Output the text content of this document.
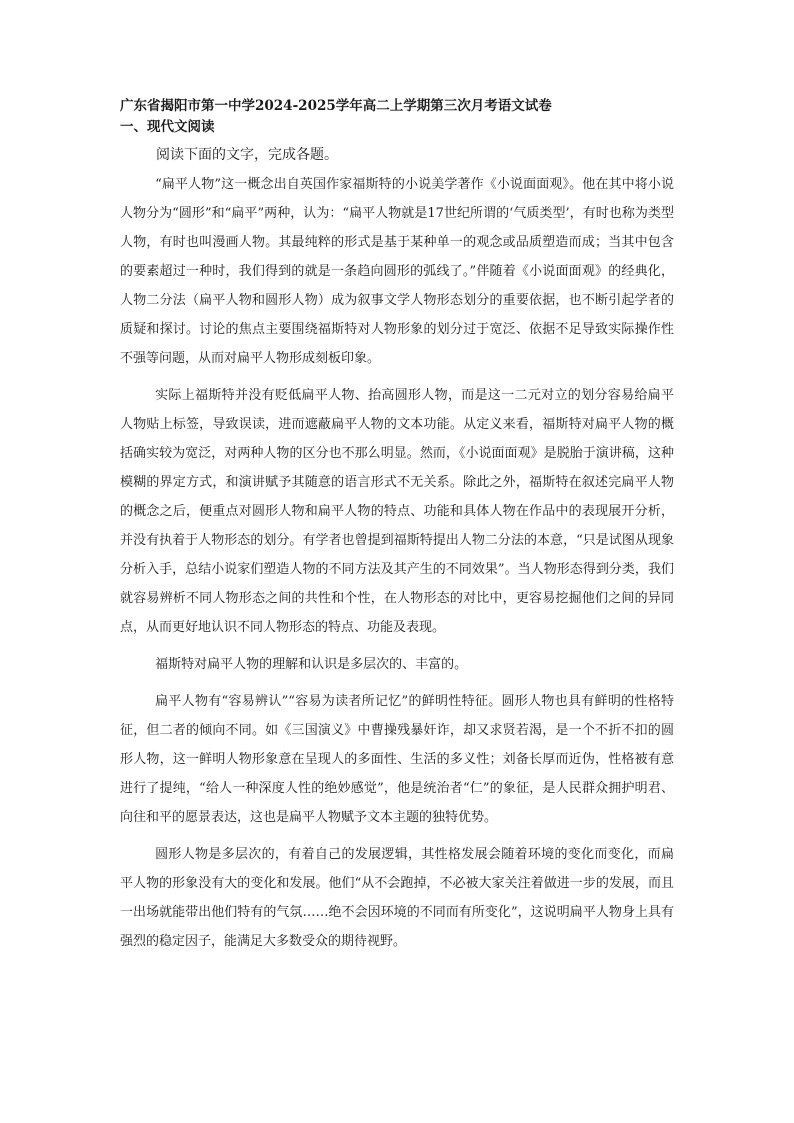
广东省揭阳市第一中学2024-2025学年高二上学期第三次月考语文试卷
一、现代文阅读
阅读下面的文字，完成各题。

“扁平人物”这一概念出自英国作家福斯特的小说美学著作《小说面面观》。他在其中将小说人物分为“圆形”和“扁平”两种，认为：“扁平人物就是17世纪所谓的‘气质类型’，有时也称为类型人物，有时也叫漫画人物。其最纯粹的形式是基于某种单一的观念或品质塑造而成；当其中包含的要素超过一种时，我们得到的就是一条趋向圆形的弧线了。”伴随着《小说面面观》的经典化，人物二分法（扁平人物和圆形人物）成为叙事文学人物形态划分的重要依据，也不断引起学者的质疑和探讨。讨论的焦点主要围绕福斯特对人物形象的划分过于宽泛、依据不足导致实际操作性不强等问题，从而对扁平人物形成刻板印象。

实际上福斯特并没有贬低扁平人物、抬高圆形人物，而是这一二元对立的划分容易给扁平人物贴上标签，导致误读，进而遮蔽扁平人物的文本功能。从定义来看，福斯特对扁平人物的概括确实较为宽泛，对两种人物的区分也不那么明显。然而，《小说面面观》是脱胎于演讲稿，这种模糊的界定方式，和演讲赋予其随意的语言形式不无关系。除此之外，福斯特在叙述完扁平人物的概念之后，便重点对圆形人物和扁平人物的特点、功能和具体人物在作品中的表现展开分析，并没有执着于人物形态的划分。有学者也曾提到福斯特提出人物二分法的本意，“只是试图从现象分析入手，总结小说家们塑造人物的不同方法及其产生的不同效果”。当人物形态得到分类，我们就容易辨析不同人物形态之间的共性和个性，在人物形态的对比中，更容易挖掘他们之间的异同点，从而更好地认识不同人物形态的特点、功能及表现。

福斯特对扁平人物的理解和认识是多层次的、丰富的。

扁平人物有“容易辨认”“容易为读者所记忆”的鲜明性特征。圆形人物也具有鲜明的性格特征，但二者的倾向不同。如《三国演义》中曹操残暴奸诈，却又求贤若渴，是一个不折不扣的圆形人物，这一鲜明人物形象意在呈现人的多面性、生活的多义性；刘备长厚而近伪，性格被有意进行了提纯，“给人一种深度人性的绝妙感觉”，他是统治者“仁”的象征，是人民群众拥护明君、向往和平的愿景表达，这也是扁平人物赋予文本主题的独特优势。

圆形人物是多层次的，有着自己的发展逻辑，其性格发展会随着环境的变化而变化，而扁平人物的形象没有大的变化和发展。他们“从不会跑掉，不必被大家关注着做进一步的发展，而且一出场就能带出他们特有的气氛……绝不会因环境的不同而有所变化”，这说明扁平人物身上具有强烈的稳定因子，能满足大多数受众的期待视野。
